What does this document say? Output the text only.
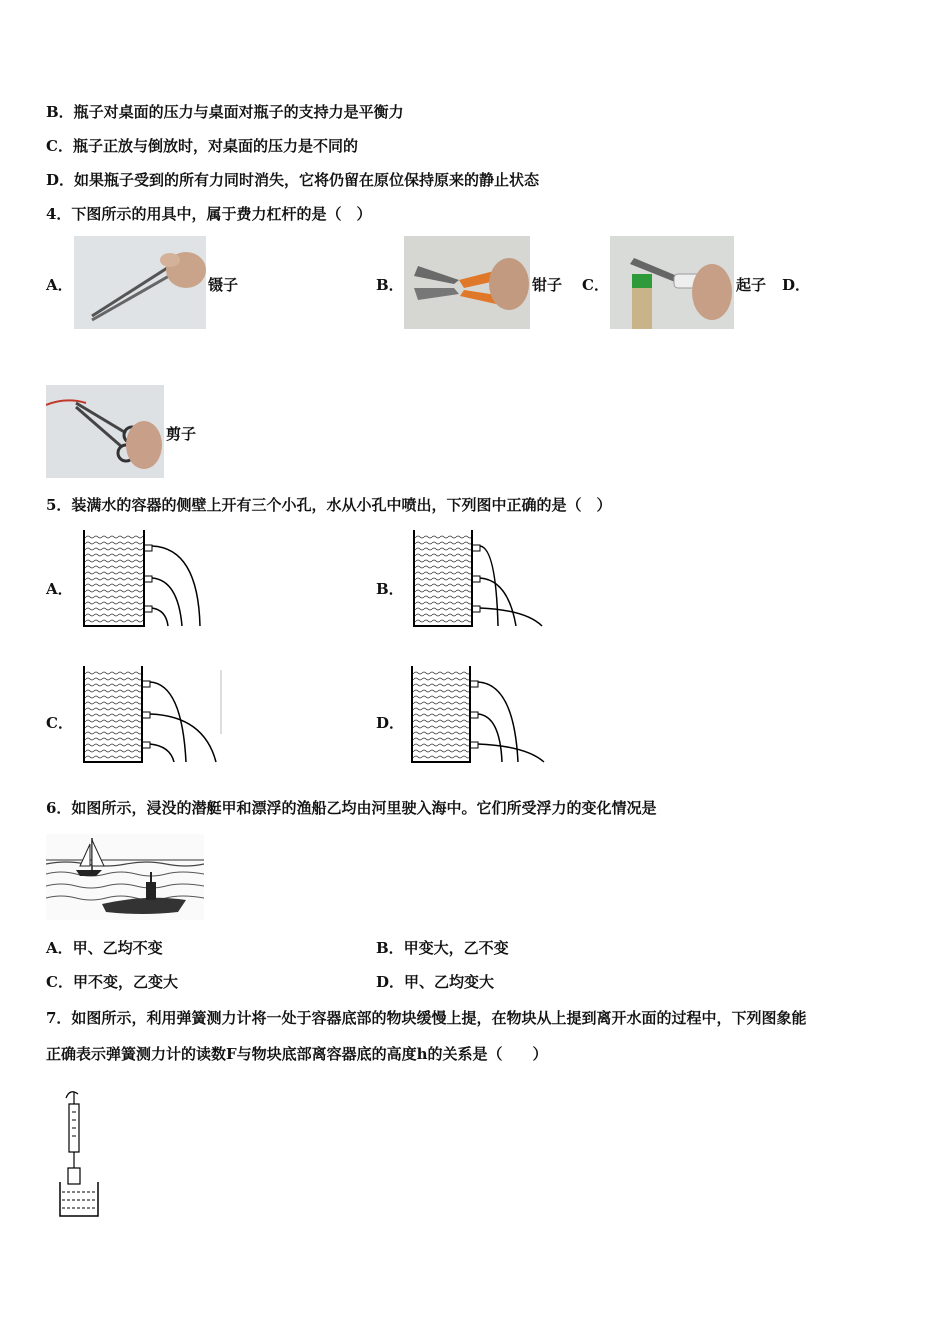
B．瓶子对桌面的压力与桌面对瓶子的支持力是平衡力
C．瓶子正放与倒放时，对桌面的压力是不同的
D．如果瓶子受到的所有力同时消失，它将仍留在原位保持原来的静止状态
4．下图所示的用具中，属于费力杠杆的是（　）
A．	镊子	B．	钳子 C．	起子 D．
剪子
5．装满水的容器的侧壁上开有三个小孔，水从小孔中喷出，下列图中正确的是（　）
A．	B．
C．	D．
6．如图所示，浸没的潜艇甲和漂浮的渔船乙均由河里驶入海中。它们所受浮力的变化情况是
A．甲、乙均不变	B．甲变大，乙不变
C．甲不变，乙变大	D．甲、乙均变大
7．如图所示，利用弹簧测力计将一处于容器底部的物块缓慢上提，在物块从上提到离开水面的过程中，下列图象能
正确表示弹簧测力计的读数F与物块底部离容器底的高度h的关系是（　　）
